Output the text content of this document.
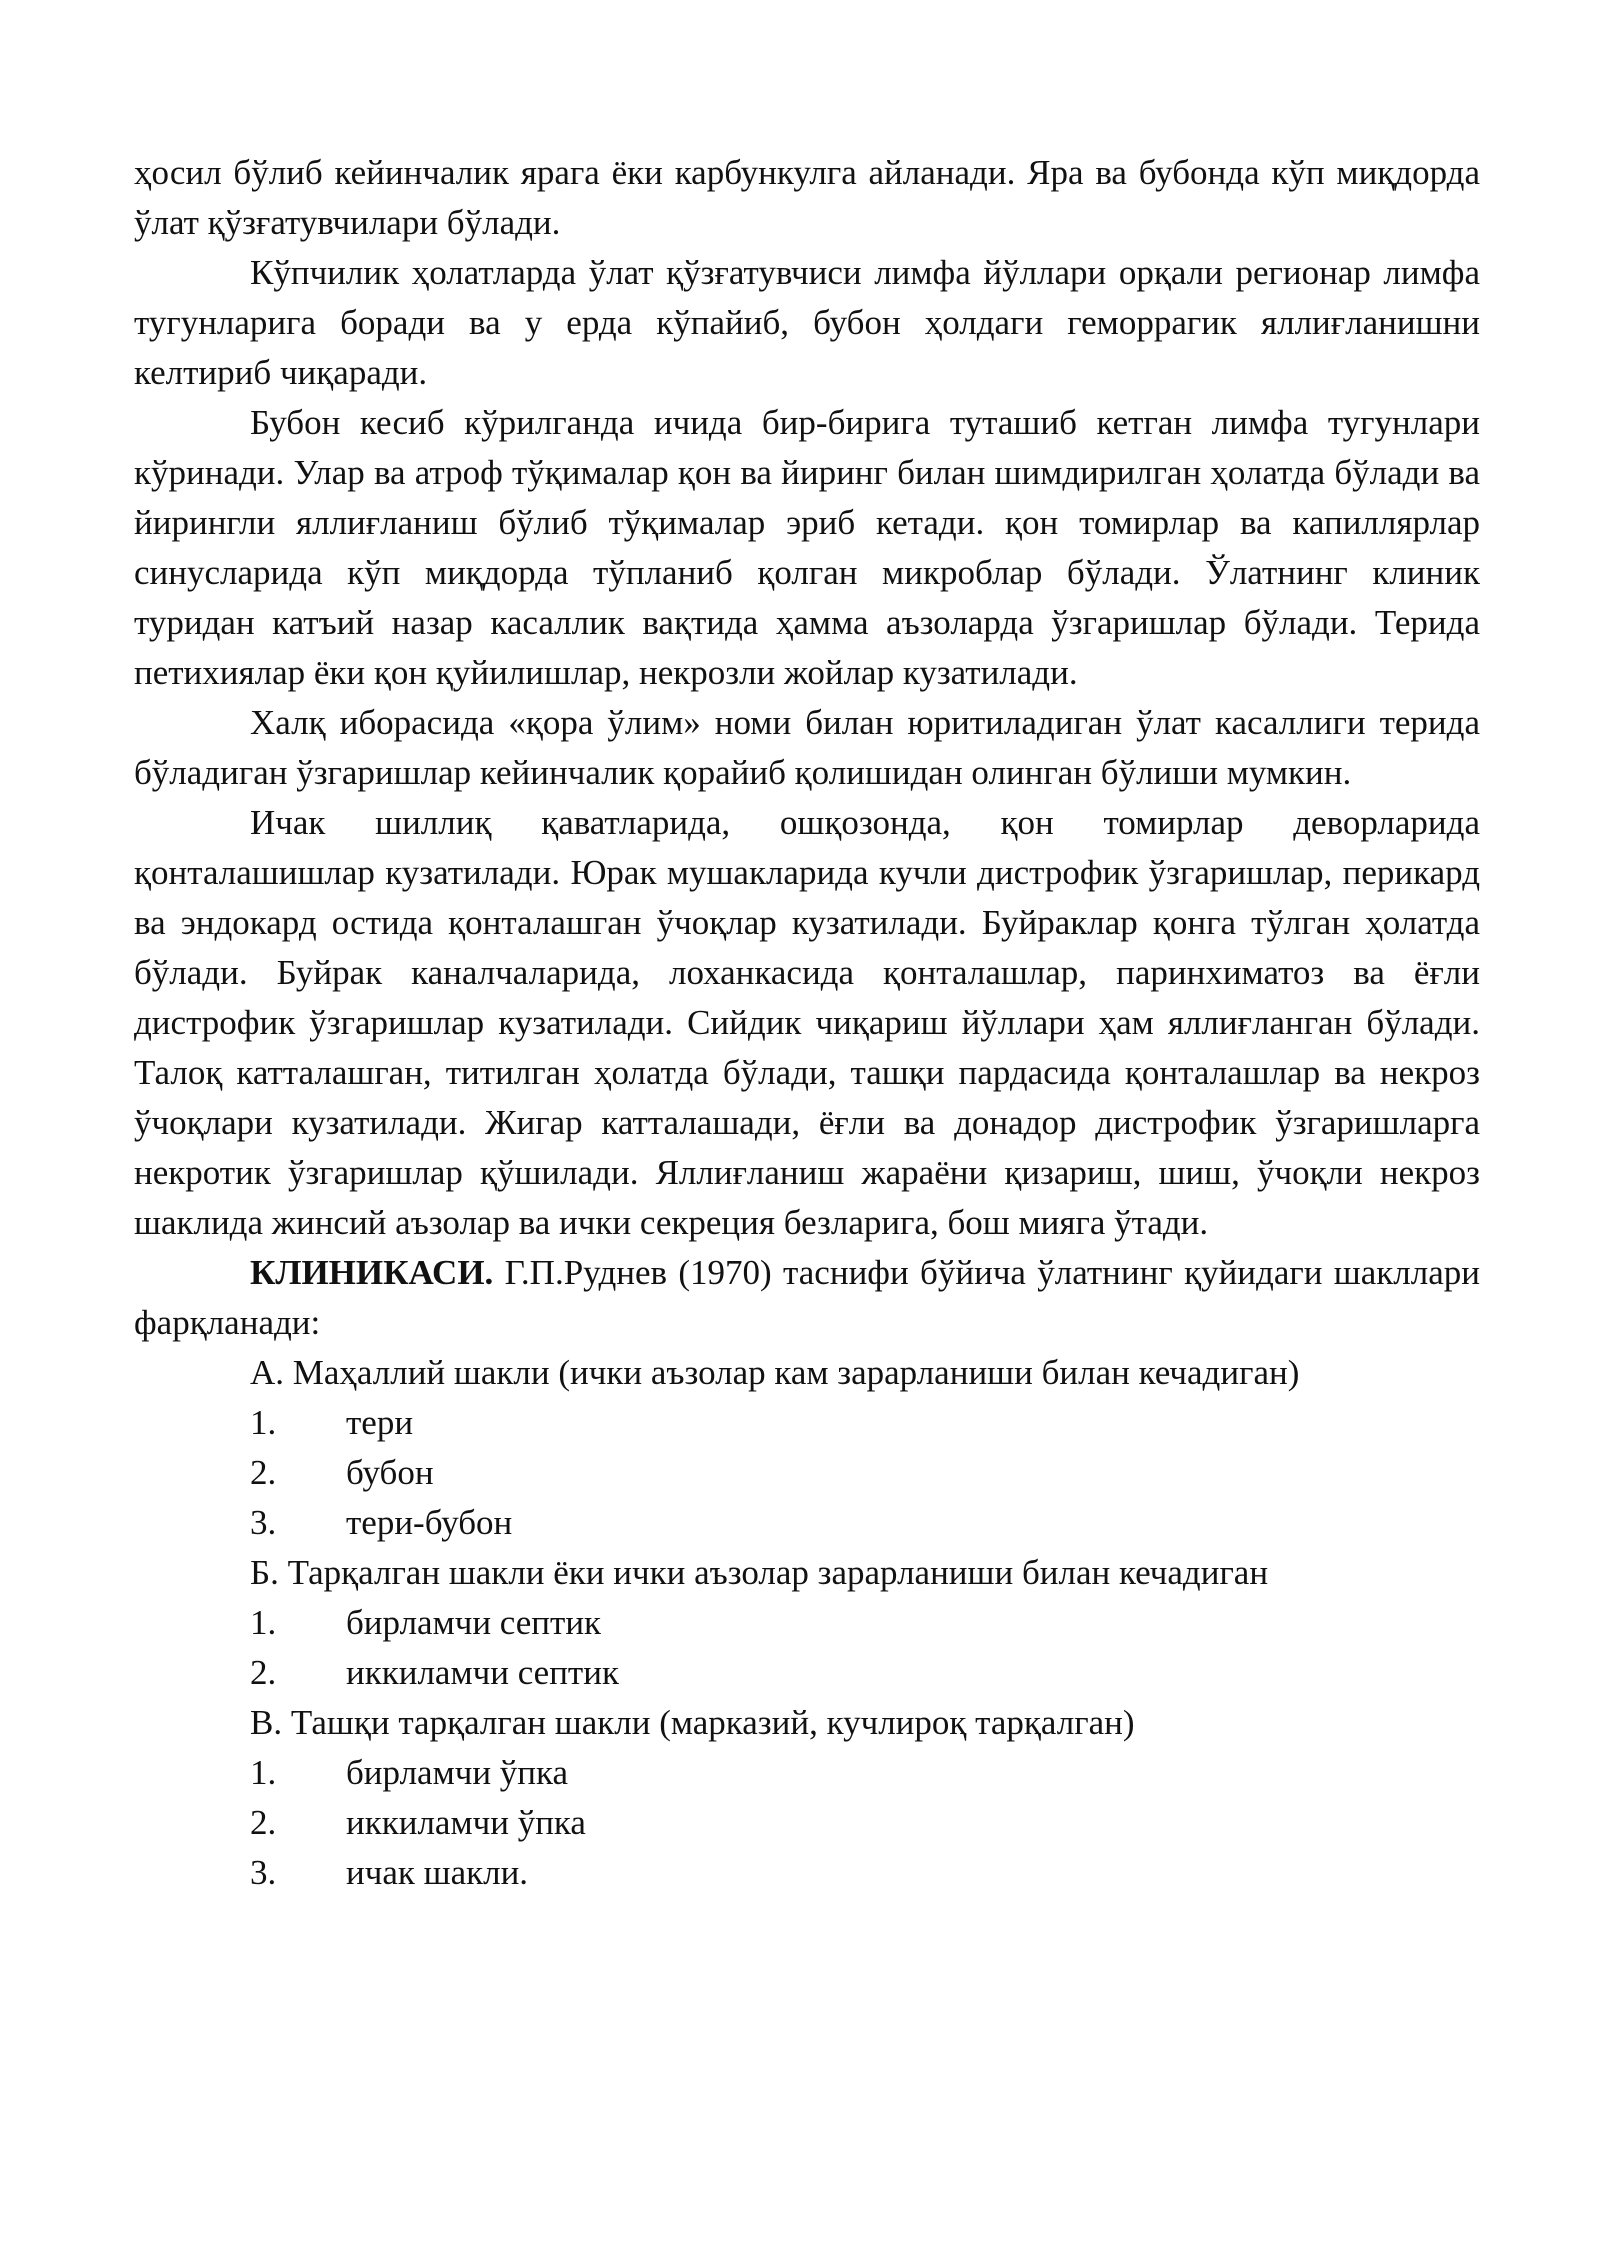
ҳосил бўлиб кейинчалик ярага ёки карбункулга айланади. Яра ва бубонда кўп миқдорда ўлат қўзғатувчилари бўлади.

Кўпчилик ҳолатларда ўлат қўзғатувчиси лимфа йўллари орқали регионар лимфа тугунларига боради ва у ерда кўпайиб, бубон ҳолдаги геморрагик яллиғланишни келтириб чиқаради.

Бубон кесиб кўрилганда ичида бир-бирига туташиб кетган лимфа тугунлари кўринади. Улар ва атроф тўқималар қон ва йиринг билан шимдирилган ҳолатда бўлади ва йирингли яллиғланиш бўлиб тўқималар эриб кетади. қон томирлар ва капиллярлар синусларида кўп миқдорда тўпланиб қолган микроблар бўлади. Ўлатнинг клиник туридан катъий назар касаллик вақтида ҳамма аъзоларда ўзгаришлар бўлади. Терида петихиялар ёки қон қуйилишлар, некрозли жойлар кузатилади.

Халқ иборасида «қора ўлим» номи билан юритиладиган ўлат касаллиги терида бўладиган ўзгаришлар кейинчалик қорайиб қолишидан олинган бўлиши мумкин.

Ичак шиллиқ қаватларида, ошқозонда, қон томирлар деворларида қонталашишлар кузатилади. Юрак мушакларида кучли дистрофик ўзгаришлар, перикард ва эндокард остида қонталашган ўчоқлар кузатилади. Буйраклар қонга тўлган ҳолатда бўлади. Буйрак каналчаларида, лоханкасида қонталашлар, паринхиматоз ва ёғли дистрофик ўзгаришлар кузатилади. Сийдик чиқариш йўллари ҳам яллиғланган бўлади. Талоқ катталашган, титилган ҳолатда бўлади, ташқи пардасида қонталашлар ва некроз ўчоқлари кузатилади. Жигар катталашади, ёғли ва донадор дистрофик ўзгаришларга некротик ўзгаришлар қўшилади. Яллиғланиш жараёни қизариш, шиш, ўчоқли некроз шаклида жинсий аъзолар ва ички секреция безларига, бош мияга ўтади.

КЛИНИКАСИ. Г.П.Руднев (1970) таснифи бўйича ўлатнинг қуйидаги шакллари фарқланади:

А. Маҳаллий шакли (ички аъзолар кам зарарланиши билан кечадиган)

1. тери

2. бубон

3. тери-бубон

Б. Тарқалган шакли ёки ички аъзолар зарарланиши билан кечадиган

1. бирламчи септик

2. иккиламчи септик

В. Ташқи тарқалган шакли (марказий, кучлироқ тарқалган)

1. бирламчи ўпка

2. иккиламчи ўпка

3. ичак шакли.
